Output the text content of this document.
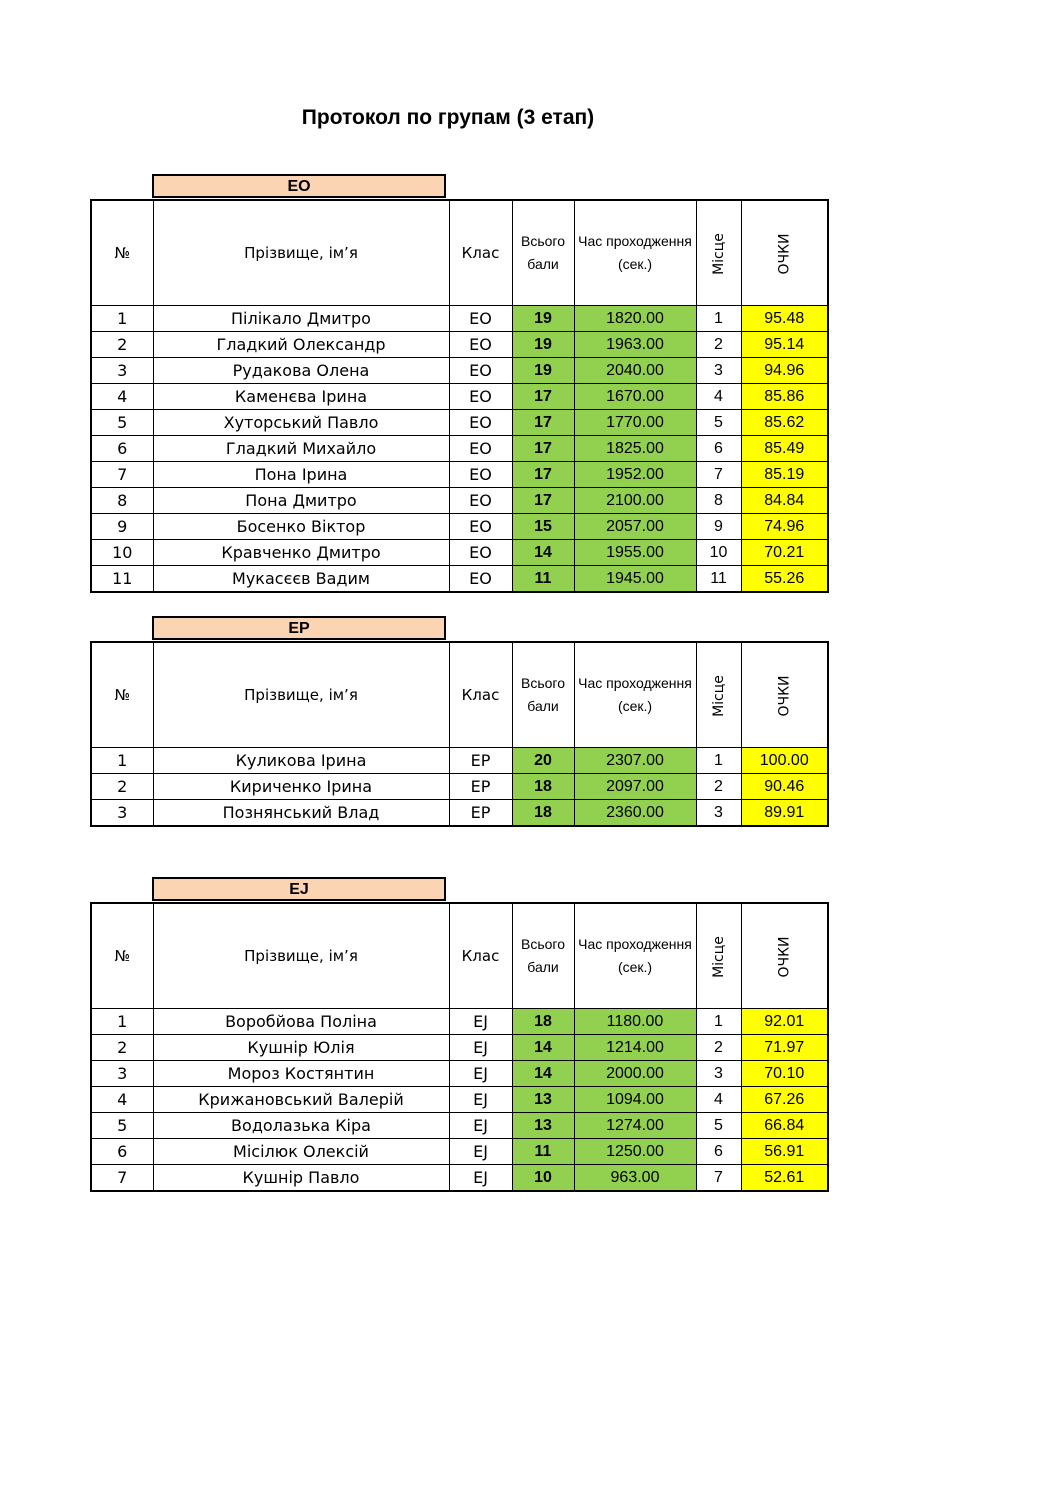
Протокол по групам (3 етап)
EO
№	Прізвище, ім’я	Клас	Всього бали	Час проходження (сек.)	Місце	ОЧКИ
1	Пілікало Дмитро	EO	19	1820.00	1	95.48
2	Гладкий Олександр	EO	19	1963.00	2	95.14
3	Рудакова Олена	EO	19	2040.00	3	94.96
4	Каменєва Ірина	EO	17	1670.00	4	85.86
5	Хуторський Павло	EO	17	1770.00	5	85.62
6	Гладкий Михайло	EO	17	1825.00	6	85.49
7	Пона Ірина	EO	17	1952.00	7	85.19
8	Пона Дмитро	EO	17	2100.00	8	84.84
9	Босенко Віктор	EO	15	2057.00	9	74.96
10	Кравченко Дмитро	EO	14	1955.00	10	70.21
11	Мукасєєв Вадим	EO	11	1945.00	11	55.26
EP
№	Прізвище, ім’я	Клас	Всього бали	Час проходження (сек.)	Місце	ОЧКИ
1	Куликова Ірина	EP	20	2307.00	1	100.00
2	Кириченко Ірина	EP	18	2097.00	2	90.46
3	Познянський Влад	EP	18	2360.00	3	89.91
EJ
№	Прізвище, ім’я	Клас	Всього бали	Час проходження (сек.)	Місце	ОЧКИ
1	Воробйова Поліна	EJ	18	1180.00	1	92.01
2	Кушнір Юлія	EJ	14	1214.00	2	71.97
3	Мороз Костянтин	EJ	14	2000.00	3	70.10
4	Крижановський Валерій	EJ	13	1094.00	4	67.26
5	Водолазька Кіра	EJ	13	1274.00	5	66.84
6	Місілюк Олексій	EJ	11	1250.00	6	56.91
7	Кушнір Павло	EJ	10	963.00	7	52.61
